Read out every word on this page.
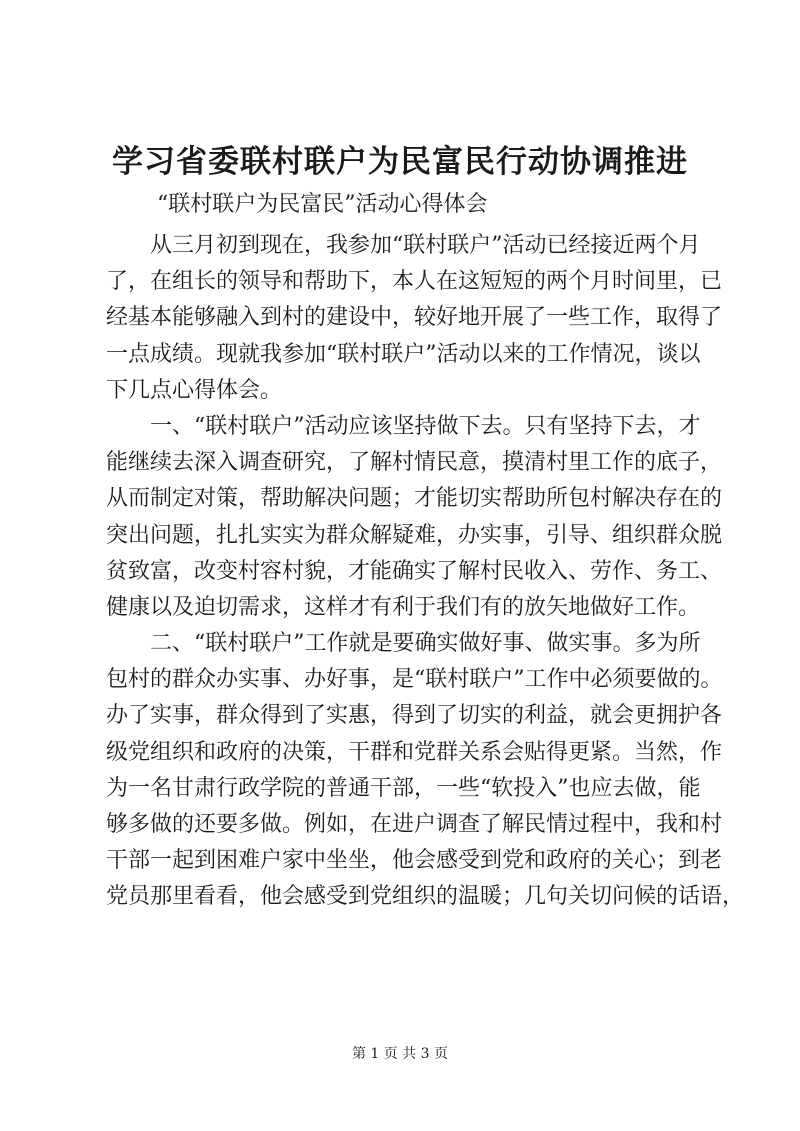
学习省委联村联户为民富民行动协调推进
“联村联户为民富民”活动心得体会
从三月初到现在，我参加“联村联户”活动已经接近两个月
了，在组长的领导和帮助下，本人在这短短的两个月时间里，已
经基本能够融入到村的建设中，较好地开展了一些工作，取得了
一点成绩。现就我参加“联村联户”活动以来的工作情况，谈以
下几点心得体会。
一、“联村联户”活动应该坚持做下去。只有坚持下去，才
能继续去深入调查研究，了解村情民意，摸清村里工作的底子，
从而制定对策，帮助解决问题；才能切实帮助所包村解决存在的
突出问题，扎扎实实为群众解疑难，办实事，引导、组织群众脱
贫致富，改变村容村貌，才能确实了解村民收入、劳作、务工、
健康以及迫切需求，这样才有利于我们有的放矢地做好工作。
二、“联村联户”工作就是要确实做好事、做实事。多为所
包村的群众办实事、办好事，是“联村联户”工作中必须要做的。
办了实事，群众得到了实惠，得到了切实的利益，就会更拥护各
级党组织和政府的决策，干群和党群关系会贴得更紧。当然，作
为一名甘肃行政学院的普通干部，一些“软投入”也应去做，能
够多做的还要多做。例如，在进户调查了解民情过程中，我和村
干部一起到困难户家中坐坐，他会感受到党和政府的关心；到老
党员那里看看，他会感受到党组织的温暖；几句关切问候的话语，
第 1 页 共 3 页
